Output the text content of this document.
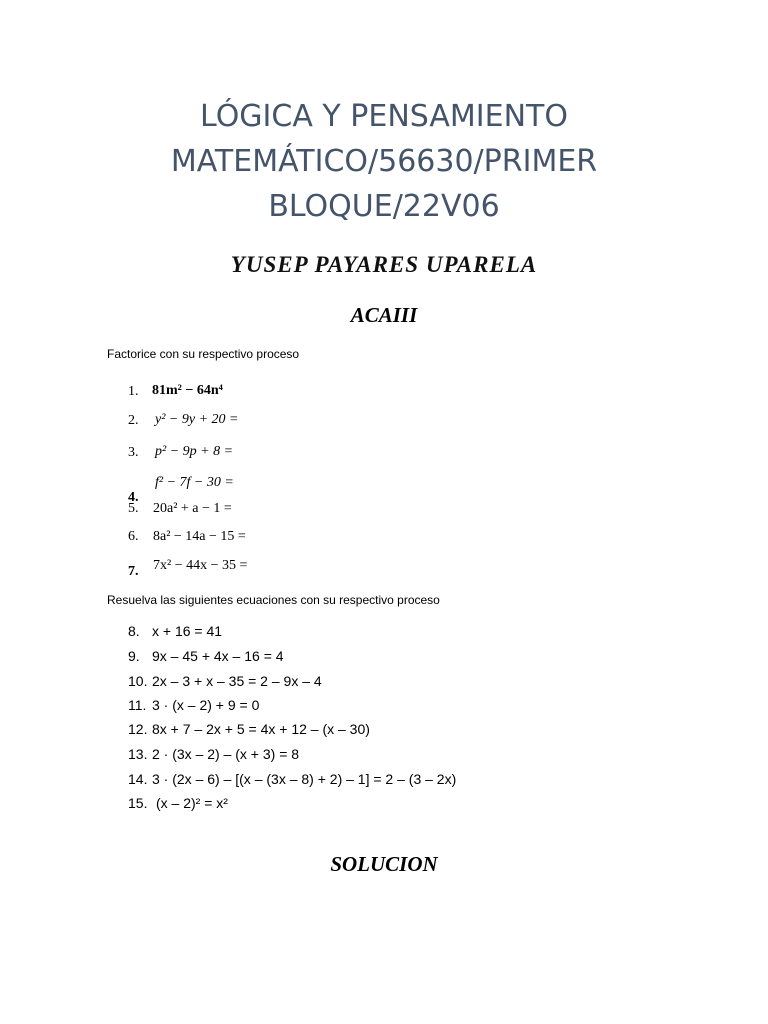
LÓGICA Y PENSAMIENTO
MATEMÁTICO/56630/PRIMER
BLOQUE/22V06
YUSEP PAYARES UPARELA
ACAIII
Factorice con su respectivo proceso
1. 81m² − 64n⁴
2. y² − 9y + 20 =
3. p² − 9p + 8 =
f² − 7f − 30 =
4.
5. 20a² + a − 1 =
6. 8a² − 14a − 15 =
7. 7x² − 44x − 35 =
Resuelva las siguientes ecuaciones con su respectivo proceso
8. x + 16 = 41
9. 9x – 45 + 4x – 16 = 4
10. 2x – 3 + x – 35 = 2 – 9x – 4
11. 3 · (x – 2) + 9 = 0
12. 8x + 7 – 2x + 5 = 4x + 12 – (x – 30)
13. 2 · (3x – 2) – (x + 3) = 8
14. 3 · (2x – 6) – [(x – (3x – 8) + 2) – 1] = 2 – (3 – 2x)
15. (x – 2)² = x²
SOLUCION
